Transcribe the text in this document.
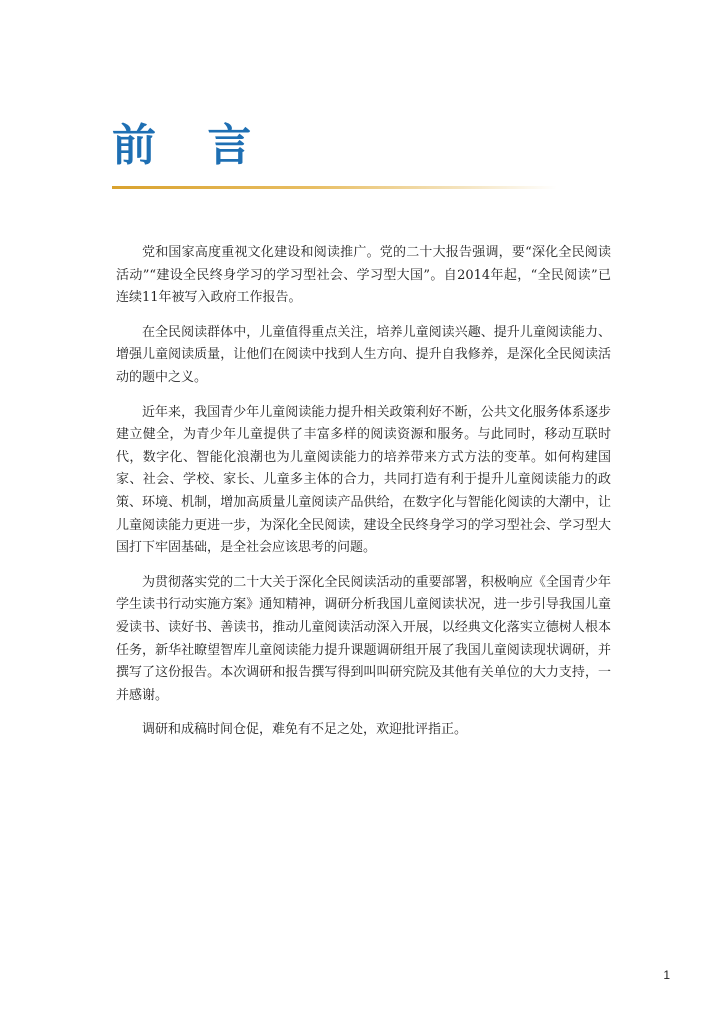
前 言

党和国家高度重视文化建设和阅读推广。党的二十大报告强调，要“深化全民阅读活动”“建设全民终身学习的学习型社会、学习型大国”。自2014年起，“全民阅读”已连续11年被写入政府工作报告。

在全民阅读群体中，儿童值得重点关注，培养儿童阅读兴趣、提升儿童阅读能力、增强儿童阅读质量，让他们在阅读中找到人生方向、提升自我修养，是深化全民阅读活动的题中之义。

近年来，我国青少年儿童阅读能力提升相关政策利好不断，公共文化服务体系逐步建立健全，为青少年儿童提供了丰富多样的阅读资源和服务。与此同时，移动互联时代，数字化、智能化浪潮也为儿童阅读能力的培养带来方式方法的变革。如何构建国家、社会、学校、家长、儿童多主体的合力，共同打造有利于提升儿童阅读能力的政策、环境、机制，增加高质量儿童阅读产品供给，在数字化与智能化阅读的大潮中，让儿童阅读能力更进一步，为深化全民阅读，建设全民终身学习的学习型社会、学习型大国打下牢固基础，是全社会应该思考的问题。

为贯彻落实党的二十大关于深化全民阅读活动的重要部署，积极响应《全国青少年学生读书行动实施方案》通知精神，调研分析我国儿童阅读状况，进一步引导我国儿童爱读书、读好书、善读书，推动儿童阅读活动深入开展，以经典文化落实立德树人根本任务，新华社瞭望智库儿童阅读能力提升课题调研组开展了我国儿童阅读现状调研，并撰写了这份报告。本次调研和报告撰写得到叫叫研究院及其他有关单位的大力支持，一并感谢。

调研和成稿时间仓促，难免有不足之处，欢迎批评指正。

1
